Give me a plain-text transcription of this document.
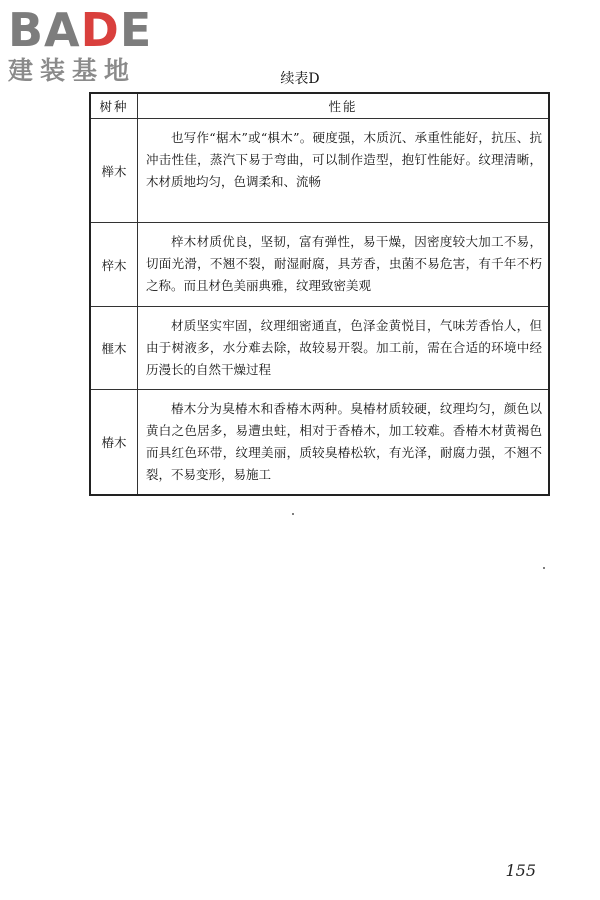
BADE
建装基地	续表D
树种	性能
榉木	也写作“椐木”或“椇木”。硬度强，木质沉、承重性能好，抗压、抗冲击性佳，蒸汽下易于弯曲，可以制作造型，抱钉性能好。纹理清晰，木材质地均匀，色调柔和、流畅
梓木	梓木材质优良，坚韧，富有弹性，易干燥，因密度较大加工不易，切面光滑，不翘不裂，耐湿耐腐，具芳香，虫菌不易危害，有千年不朽之称。而且材色美丽典雅，纹理致密美观
榧木	材质坚实牢固，纹理细密通直，色泽金黄悦目，气味芳香怡人，但由于树液多，水分难去除，故较易开裂。加工前，需在合适的环境中经历漫长的自然干燥过程
椿木	椿木分为臭椿木和香椿木两种。臭椿材质较硬，纹理均匀，颜色以黄白之色居多，易遭虫蛀，相对于香椿木，加工较难。香椿木材黄褐色而具红色环带，纹理美丽，质较臭椿松软，有光泽，耐腐力强，不翘不裂，不易变形，易施工
155
